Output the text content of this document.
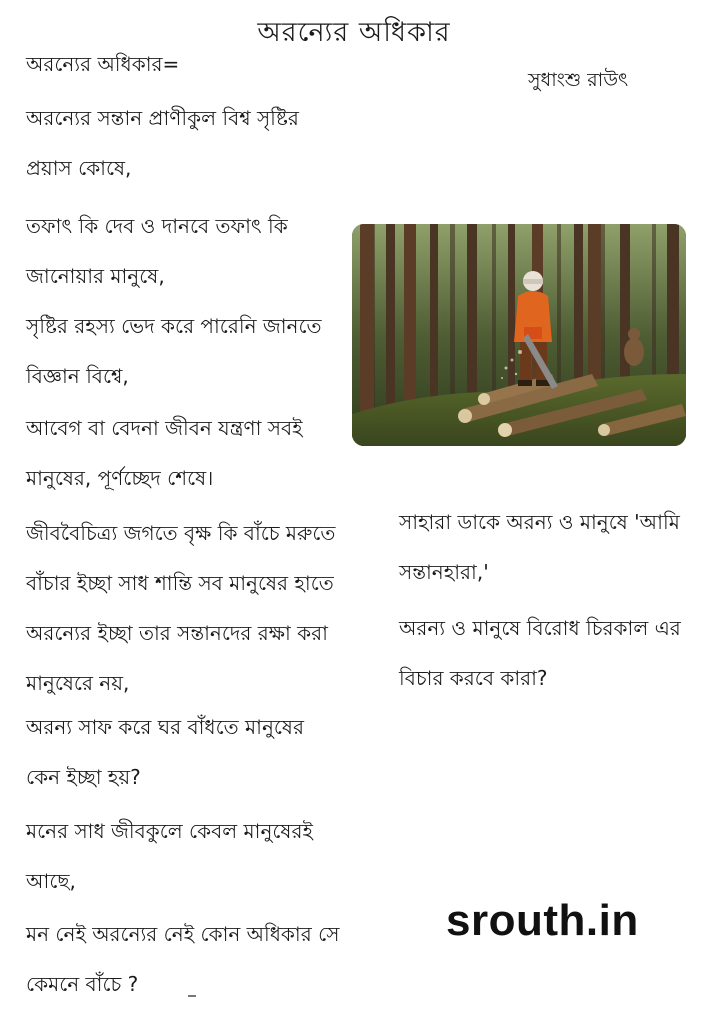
অরন্যের অধিকার
সুধাংশু রাউৎ
অরন্যের অধিকার=

অরন্যের সন্তান প্রাণীকুল বিশ্ব সৃষ্টির

প্রয়াস কোষে,

তফাৎ কি দেব ও দানবে তফাৎ কি

জানোয়ার মানুষে,

সৃষ্টির রহস্য ভেদ করে পারেনি জানতে

বিজ্ঞান বিশ্বে,

আবেগ বা বেদনা জীবন যন্ত্রণা সবই

মানুষের, পূর্ণচ্ছেদ শেষে।

জীববৈচিত্র্য জগতে বৃক্ষ কি বাঁচে মরুতে

বাঁচার ইচ্ছা সাধ শান্তি সব মানুষের হাতে

অরন্যের ইচ্ছা তার সন্তানদের রক্ষা করা

মানুষেরে নয়,

অরন্য সাফ করে ঘর বাঁধতে মানুষের

কেন ইচ্ছা হয়?

মনের সাধ জীবকুলে কেবল মানুষেরই

আছে,

মন নেই অরন্যের নেই কোন অধিকার সে

কেমনে বাঁচে ?

সাহারা ডাকে অরন্য ও মানুষে 'আমি

সন্তানহারা,'

অরন্য ও মানুষে বিরোধ চিরকাল এর

বিচার করবে কারা?

srouth.in
